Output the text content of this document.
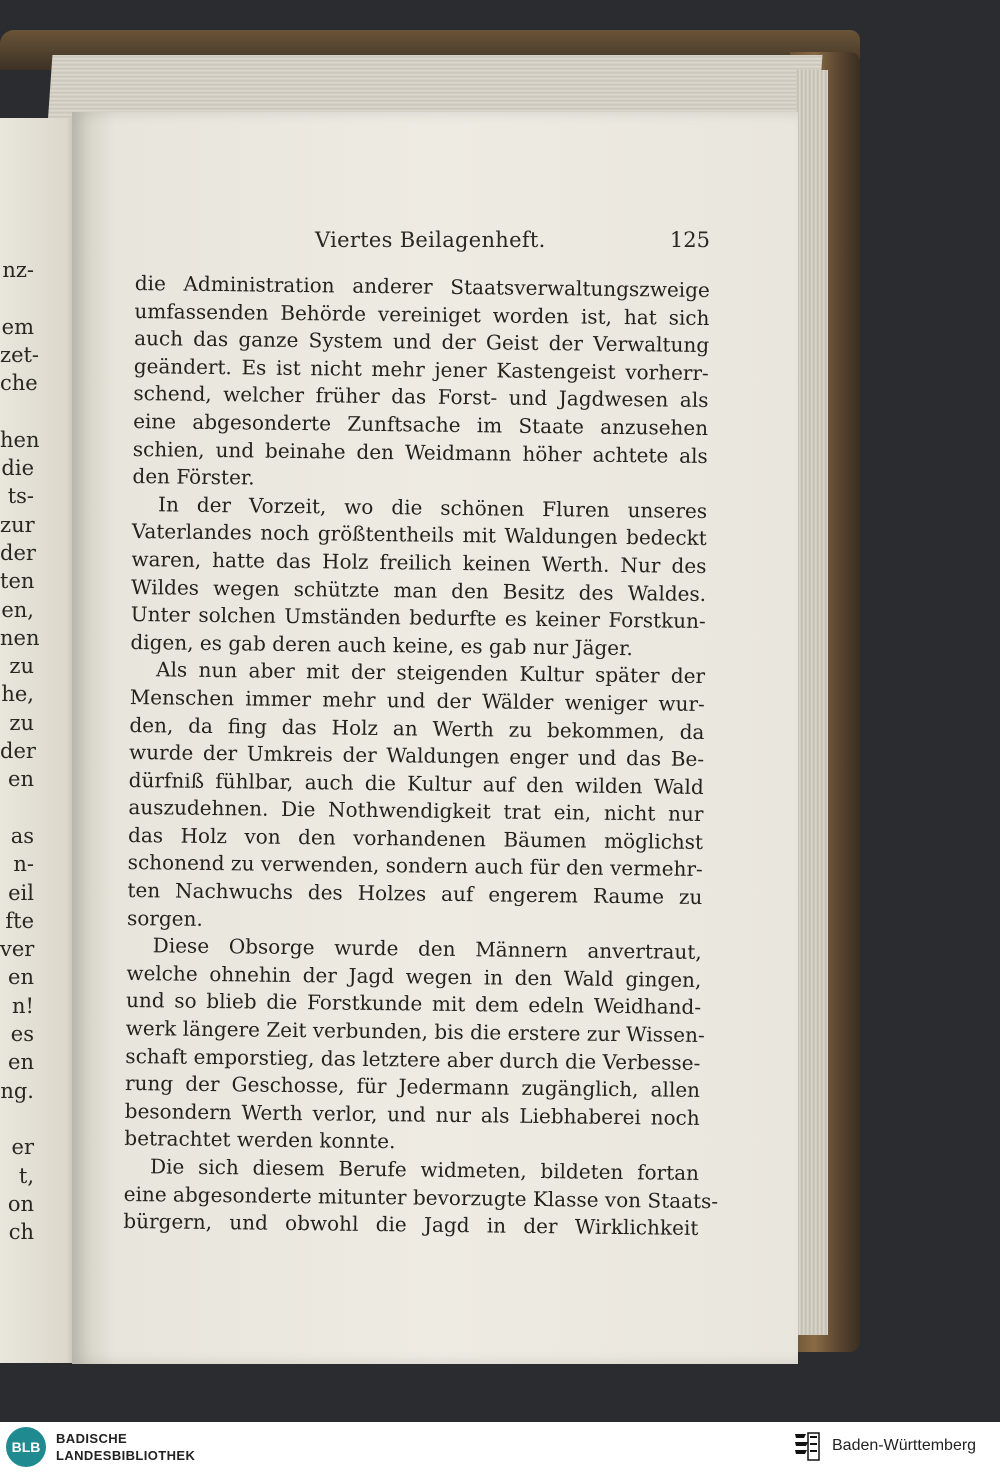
nz-
em
zet-
che
hen
die
ts-
zur
der
ten
en,
nen
zu
he,
zu
der
en
as
n-
eil
fte
ver
en
n!
es
en
ng.
er
t,
on
ch
Viertes Beilagenheft.	125
die Administration anderer Staatsverwaltungszweige
umfassenden Behörde vereiniget worden ist, hat sich
auch das ganze System und der Geist der Verwaltung
geändert. Es ist nicht mehr jener Kastengeist vorherr-
schend, welcher früher das Forst- und Jagdwesen als
eine abgesonderte Zunftsache im Staate anzusehen
schien, und beinahe den Weidmann höher achtete als
den Förster.
In der Vorzeit, wo die schönen Fluren unseres
Vaterlandes noch größtentheils mit Waldungen bedeckt
waren, hatte das Holz freilich keinen Werth. Nur des
Wildes wegen schützte man den Besitz des Waldes.
Unter solchen Umständen bedurfte es keiner Forstkun-
digen, es gab deren auch keine, es gab nur Jäger.
Als nun aber mit der steigenden Kultur später der
Menschen immer mehr und der Wälder weniger wur-
den, da fing das Holz an Werth zu bekommen, da
wurde der Umkreis der Waldungen enger und das Be-
dürfniß fühlbar, auch die Kultur auf den wilden Wald
auszudehnen. Die Nothwendigkeit trat ein, nicht nur
das Holz von den vorhandenen Bäumen möglichst
schonend zu verwenden, sondern auch für den vermehr-
ten Nachwuchs des Holzes auf engerem Raume zu
sorgen.
Diese Obsorge wurde den Männern anvertraut,
welche ohnehin der Jagd wegen in den Wald gingen,
und so blieb die Forstkunde mit dem edeln Weidhand-
werk längere Zeit verbunden, bis die erstere zur Wissen-
schaft emporstieg, das letztere aber durch die Verbesse-
rung der Geschosse, für Jedermann zugänglich, allen
besondern Werth verlor, und nur als Liebhaberei noch
betrachtet werden konnte.
Die sich diesem Berufe widmeten, bildeten fortan
eine abgesonderte mitunter bevorzugte Klasse von Staats-
bürgern, und obwohl die Jagd in der Wirklichkeit
BLB
BADISCHE
LANDESBIBLIOTHEK
Baden-Württemberg
